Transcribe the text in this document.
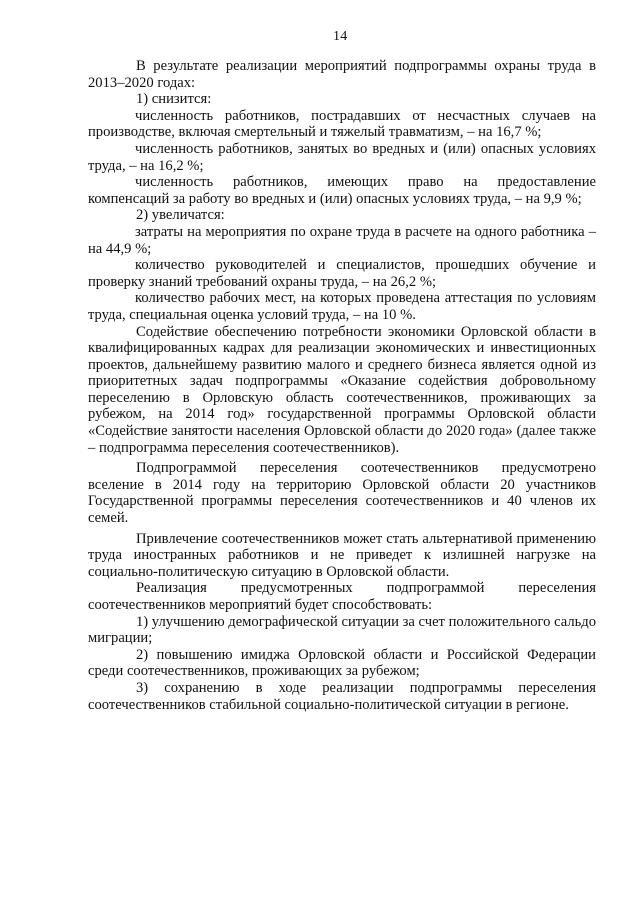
14

В результате реализации мероприятий подпрограммы охраны труда в 2013–2020 годах:

1) снизится:

численность работников, пострадавших от несчастных случаев на производстве, включая смертельный и тяжелый травматизм, – на 16,7 %;

численность работников, занятых во вредных и (или) опасных условиях труда, – на 16,2 %;

численность работников, имеющих право на предоставление компенсаций за работу во вредных и (или) опасных условиях труда, – на 9,9 %;

2) увеличатся:

затраты на мероприятия по охране труда в расчете на одного работника – на 44,9 %;

количество руководителей и специалистов, прошедших обучение и проверку знаний требований охраны труда, – на 26,2 %;

количество рабочих мест, на которых проведена аттестация по условиям труда, специальная оценка условий труда, – на 10 %.

Содействие обеспечению потребности экономики Орловской области в квалифицированных кадрах для реализации экономических и инвестиционных проектов, дальнейшему развитию малого и среднего бизнеса является одной из приоритетных задач подпрограммы «Оказание содействия добровольному переселению в Орловскую область соотечественников, проживающих за рубежом, на 2014 год» государственной программы Орловской области «Содействие занятости населения Орловской области до 2020 года» (далее также – подпрограмма переселения соотечественников).

Подпрограммой переселения соотечественников предусмотрено вселение в 2014 году на территорию Орловской области 20 участников Государственной программы переселения соотечественников и 40 членов их семей.

Привлечение соотечественников может стать альтернативой применению труда иностранных работников и не приведет к излишней нагрузке на социально-политическую ситуацию в Орловской области.

Реализация предусмотренных подпрограммой переселения соотечественников мероприятий будет способствовать:

1) улучшению демографической ситуации за счет положительного сальдо миграции;

2) повышению имиджа Орловской области и Российской Федерации среди соотечественников, проживающих за рубежом;

3) сохранению в ходе реализации подпрограммы переселения соотечественников стабильной социально-политической ситуации в регионе.
